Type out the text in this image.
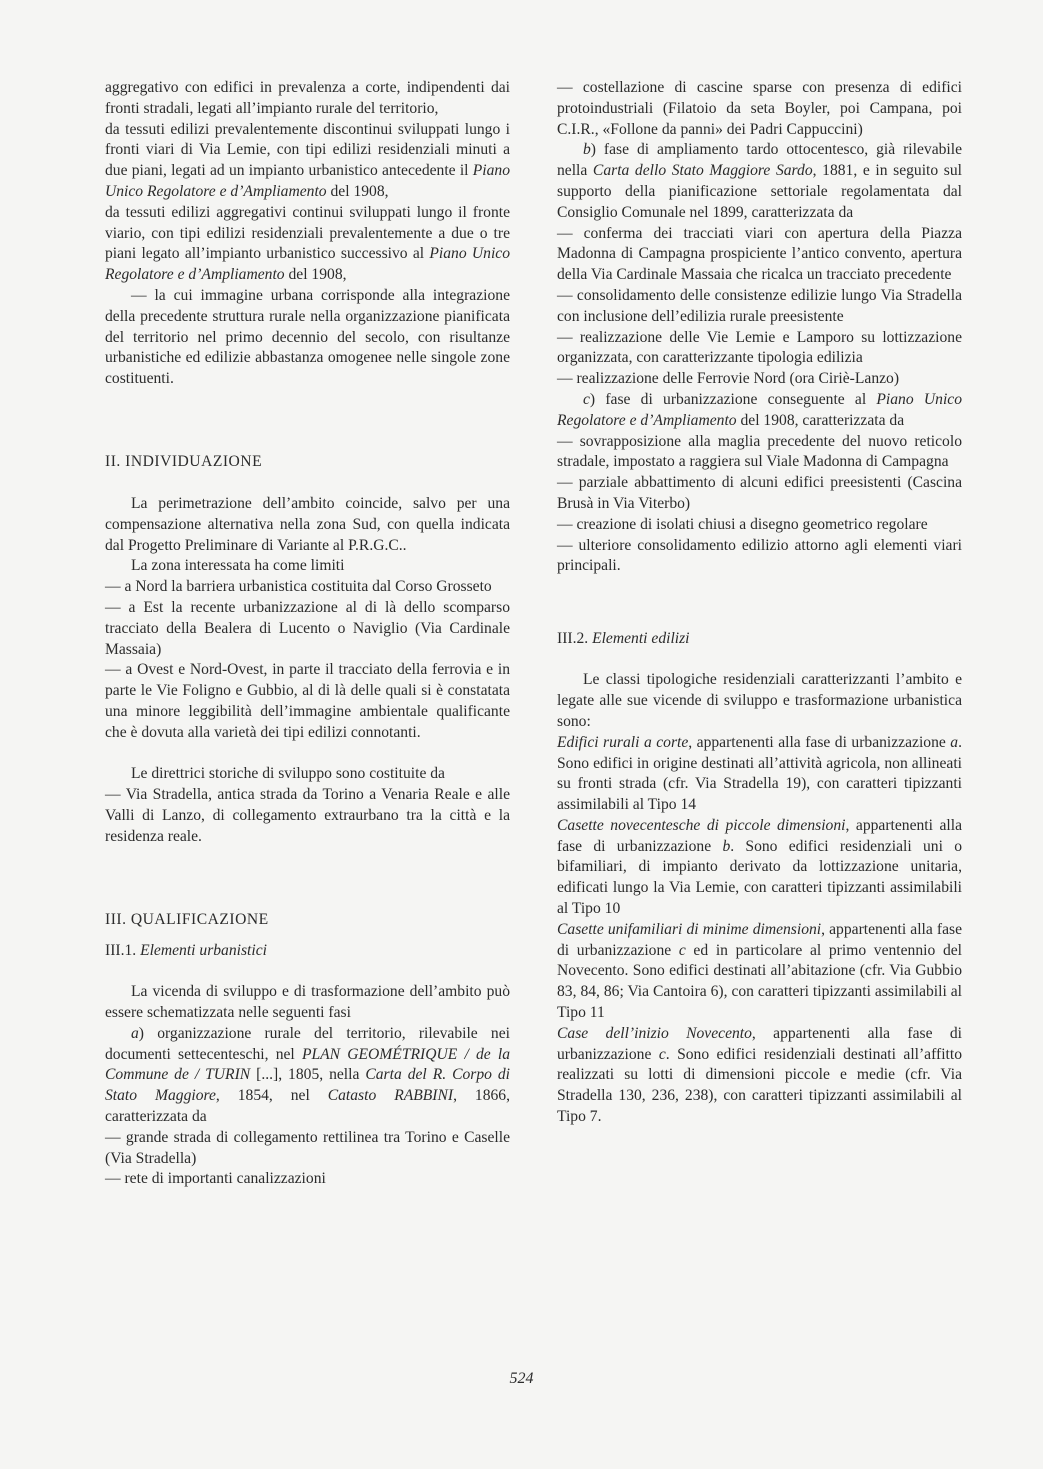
aggregativo con edifici in prevalenza a corte, indipendenti dai fronti stradali, legati all’impianto rurale del territorio,

da tessuti edilizi prevalentemente discontinui sviluppati lungo i fronti viari di Via Lemie, con tipi edilizi residenziali minuti a due piani, legati ad un impianto urbanistico antecedente il Piano Unico Regolatore e d’Ampliamento del 1908,

da tessuti edilizi aggregativi continui sviluppati lungo il fronte viario, con tipi edilizi residenziali prevalentemente a due o tre piani legato all’impianto urbanistico successivo al Piano Unico Regolatore e d’Ampliamento del 1908,

— la cui immagine urbana corrisponde alla integrazione della precedente struttura rurale nella organizzazione pianificata del territorio nel primo decennio del secolo, con risultanze urbanistiche ed edilizie abbastanza omogenee nelle singole zone costituenti.

II. INDIVIDUAZIONE

La perimetrazione dell’ambito coincide, salvo per una compensazione alternativa nella zona Sud, con quella indicata dal Progetto Preliminare di Variante al P.R.G.C..

La zona interessata ha come limiti

— a Nord la barriera urbanistica costituita dal Corso Grosseto

— a Est la recente urbanizzazione al di là dello scomparso tracciato della Bealera di Lucento o Naviglio (Via Cardinale Massaia)

— a Ovest e Nord-Ovest, in parte il tracciato della ferrovia e in parte le Vie Foligno e Gubbio, al di là delle quali si è constatata una minore leggibilità dell’immagine ambientale qualificante che è dovuta alla varietà dei tipi edilizi connotanti.

Le direttrici storiche di sviluppo sono costituite da

— Via Stradella, antica strada da Torino a Venaria Reale e alle Valli di Lanzo, di collegamento extraurbano tra la città e la residenza reale.

III. QUALIFICAZIONE

III.1. Elementi urbanistici

La vicenda di sviluppo e di trasformazione dell’ambito può essere schematizzata nelle seguenti fasi

a) organizzazione rurale del territorio, rilevabile nei documenti settecenteschi, nel PLAN GEOMÉTRIQUE / de la Commune de / TURIN [...], 1805, nella Carta del R. Corpo di Stato Maggiore, 1854, nel Catasto RABBINI, 1866, caratterizzata da

— grande strada di collegamento rettilinea tra Torino e Caselle (Via Stradella)

— rete di importanti canalizzazioni

— costellazione di cascine sparse con presenza di edifici protoindustriali (Filatoio da seta Boyler, poi Campana, poi C.I.R., «Follone da panni» dei Padri Cappuccini)

b) fase di ampliamento tardo ottocentesco, già rilevabile nella Carta dello Stato Maggiore Sardo, 1881, e in seguito sul supporto della pianificazione settoriale regolamentata dal Consiglio Comunale nel 1899, caratterizzata da

— conferma dei tracciati viari con apertura della Piazza Madonna di Campagna prospiciente l’antico convento, apertura della Via Cardinale Massaia che ricalca un tracciato precedente

— consolidamento delle consistenze edilizie lungo Via Stradella con inclusione dell’edilizia rurale preesistente

— realizzazione delle Vie Lemie e Lamporo su lottizzazione organizzata, con caratterizzante tipologia edilizia

— realizzazione delle Ferrovie Nord (ora Ciriè-Lanzo)

c) fase di urbanizzazione conseguente al Piano Unico Regolatore e d’Ampliamento del 1908, caratterizzata da

— sovrapposizione alla maglia precedente del nuovo reticolo stradale, impostato a raggiera sul Viale Madonna di Campagna

— parziale abbattimento di alcuni edifici preesistenti (Cascina Brusà in Via Viterbo)

— creazione di isolati chiusi a disegno geometrico regolare

— ulteriore consolidamento edilizio attorno agli elementi viari principali.

III.2. Elementi edilizi

Le classi tipologiche residenziali caratterizzanti l’ambito e legate alle sue vicende di sviluppo e trasformazione urbanistica sono:

Edifici rurali a corte, appartenenti alla fase di urbanizzazione a. Sono edifici in origine destinati all’attività agricola, non allineati su fronti strada (cfr. Via Stradella 19), con caratteri tipizzanti assimilabili al Tipo 14

Casette novecentesche di piccole dimensioni, appartenenti alla fase di urbanizzazione b. Sono edifici residenziali uni o bifamiliari, di impianto derivato da lottizzazione unitaria, edificati lungo la Via Lemie, con caratteri tipizzanti assimilabili al Tipo 10

Casette unifamiliari di minime dimensioni, appartenenti alla fase di urbanizzazione c ed in particolare al primo ventennio del Novecento. Sono edifici destinati all’abitazione (cfr. Via Gubbio 83, 84, 86; Via Cantoira 6), con caratteri tipizzanti assimilabili al Tipo 11

Case dell’inizio Novecento, appartenenti alla fase di urbanizzazione c. Sono edifici residenziali destinati all’affitto realizzati su lotti di dimensioni piccole e medie (cfr. Via Stradella 130, 236, 238), con caratteri tipizzanti assimilabili al Tipo 7.

524
